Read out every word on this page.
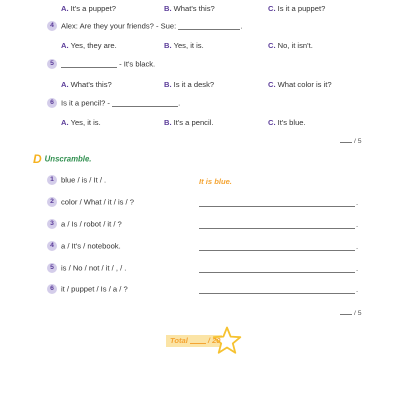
A. It's a puppet?	B. What's this?	C. Is it a puppet?
4 Alex: Are they your friends? - Sue:	.
A. Yes, they are.	B. Yes, it is.	C. No, it isn't.
5	- It's black.
A. What's this?	B. Is it a desk?	C. What color is it?
6 Is it a pencil? -	.
A. Yes, it is.	B. It's a pencil.	C. It's blue.
/ 5
D Unscramble.
1 blue / is / It / .	It is blue.
2 color / What / it / is / ?	.
3 a / Is / robot / it / ?	.
4 a / It's / notebook.	.
5 is / No / not / it / , / .	.
6 it / puppet / Is / a / ?	.
/ 5
Total	/ 20
